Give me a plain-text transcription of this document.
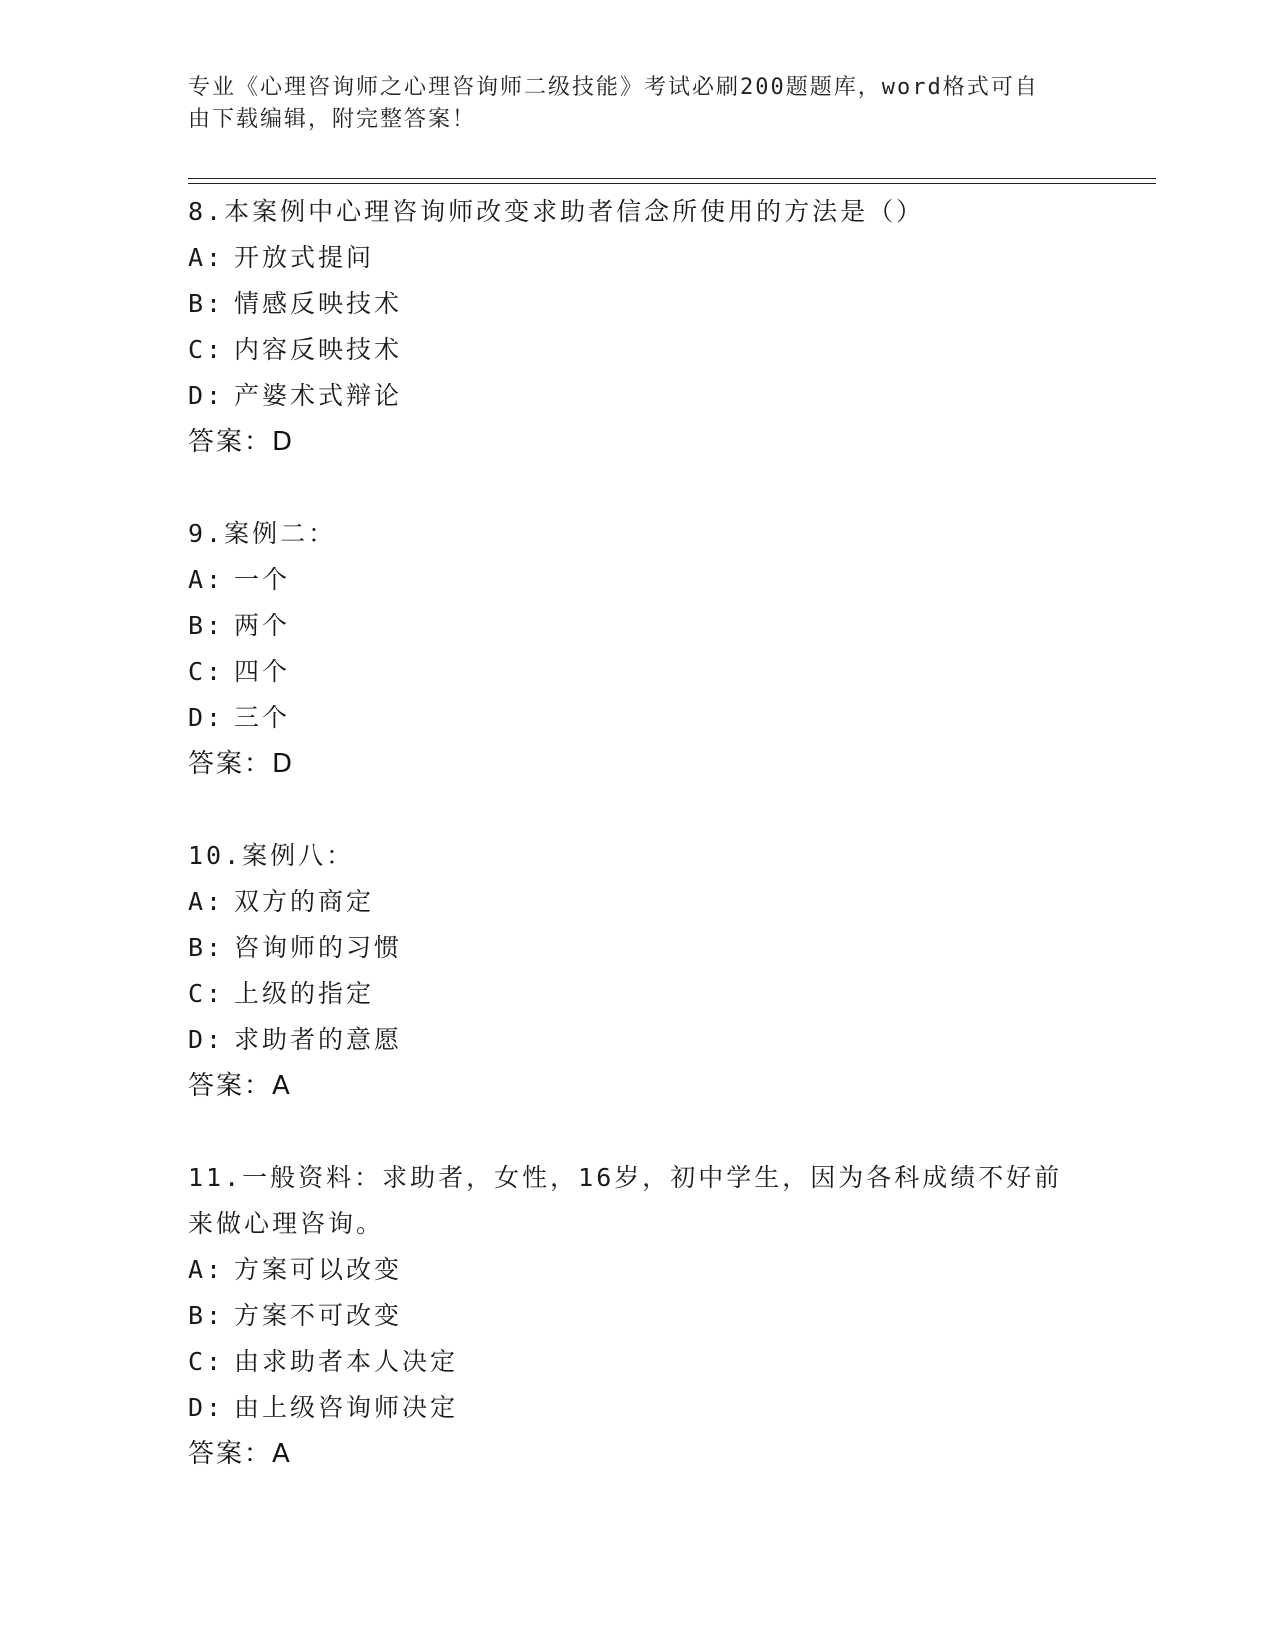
专业《心理咨询师之心理咨询师二级技能》考试必刷200题题库，word格式可自
由下载编辑，附完整答案！
8.本案例中心理咨询师改变求助者信念所使用的方法是（）
A: 开放式提问
B: 情感反映技术
C: 内容反映技术
D: 产婆术式辩论
答案：D
9.案例二：
A: 一个
B: 两个
C: 四个
D: 三个
答案：D
10.案例八：
A: 双方的商定
B: 咨询师的习惯
C: 上级的指定
D: 求助者的意愿
答案：A
11.一般资料：求助者，女性，16岁，初中学生，因为各科成绩不好前来做心理咨询。
A: 方案可以改变
B: 方案不可改变
C: 由求助者本人决定
D: 由上级咨询师决定
答案：A
